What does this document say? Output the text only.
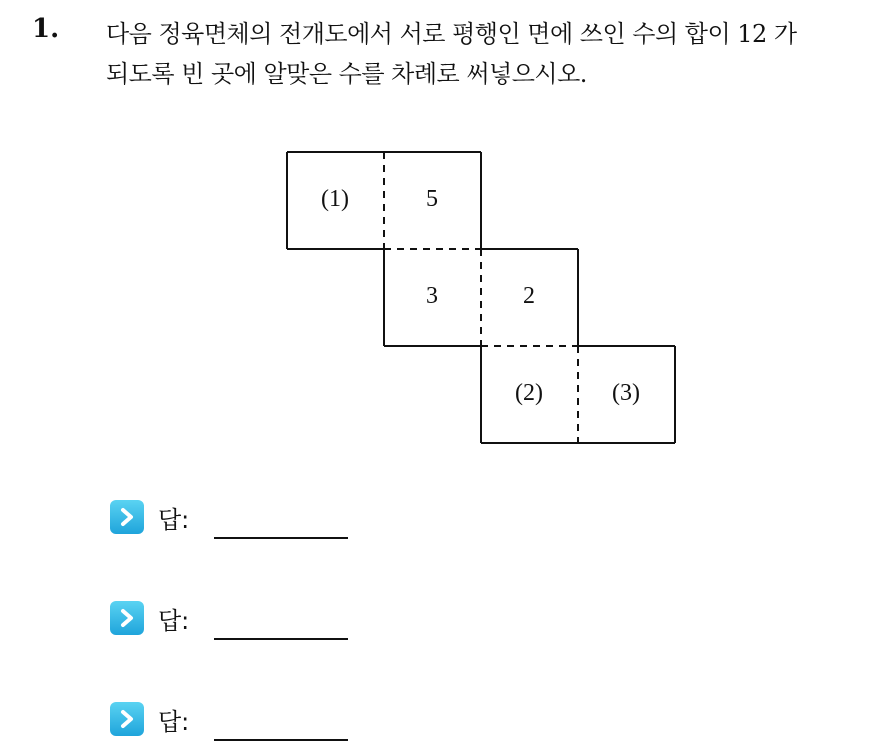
1. 다음 정육면체의 전개도에서 서로 평행인 면에 쓰인 수의 합이 12 가
되도록 빈 곳에 알맞은 수를 차례로 써넣으시오.
(1)	5
3	2
(2)	(3)
답:
답:
답:
